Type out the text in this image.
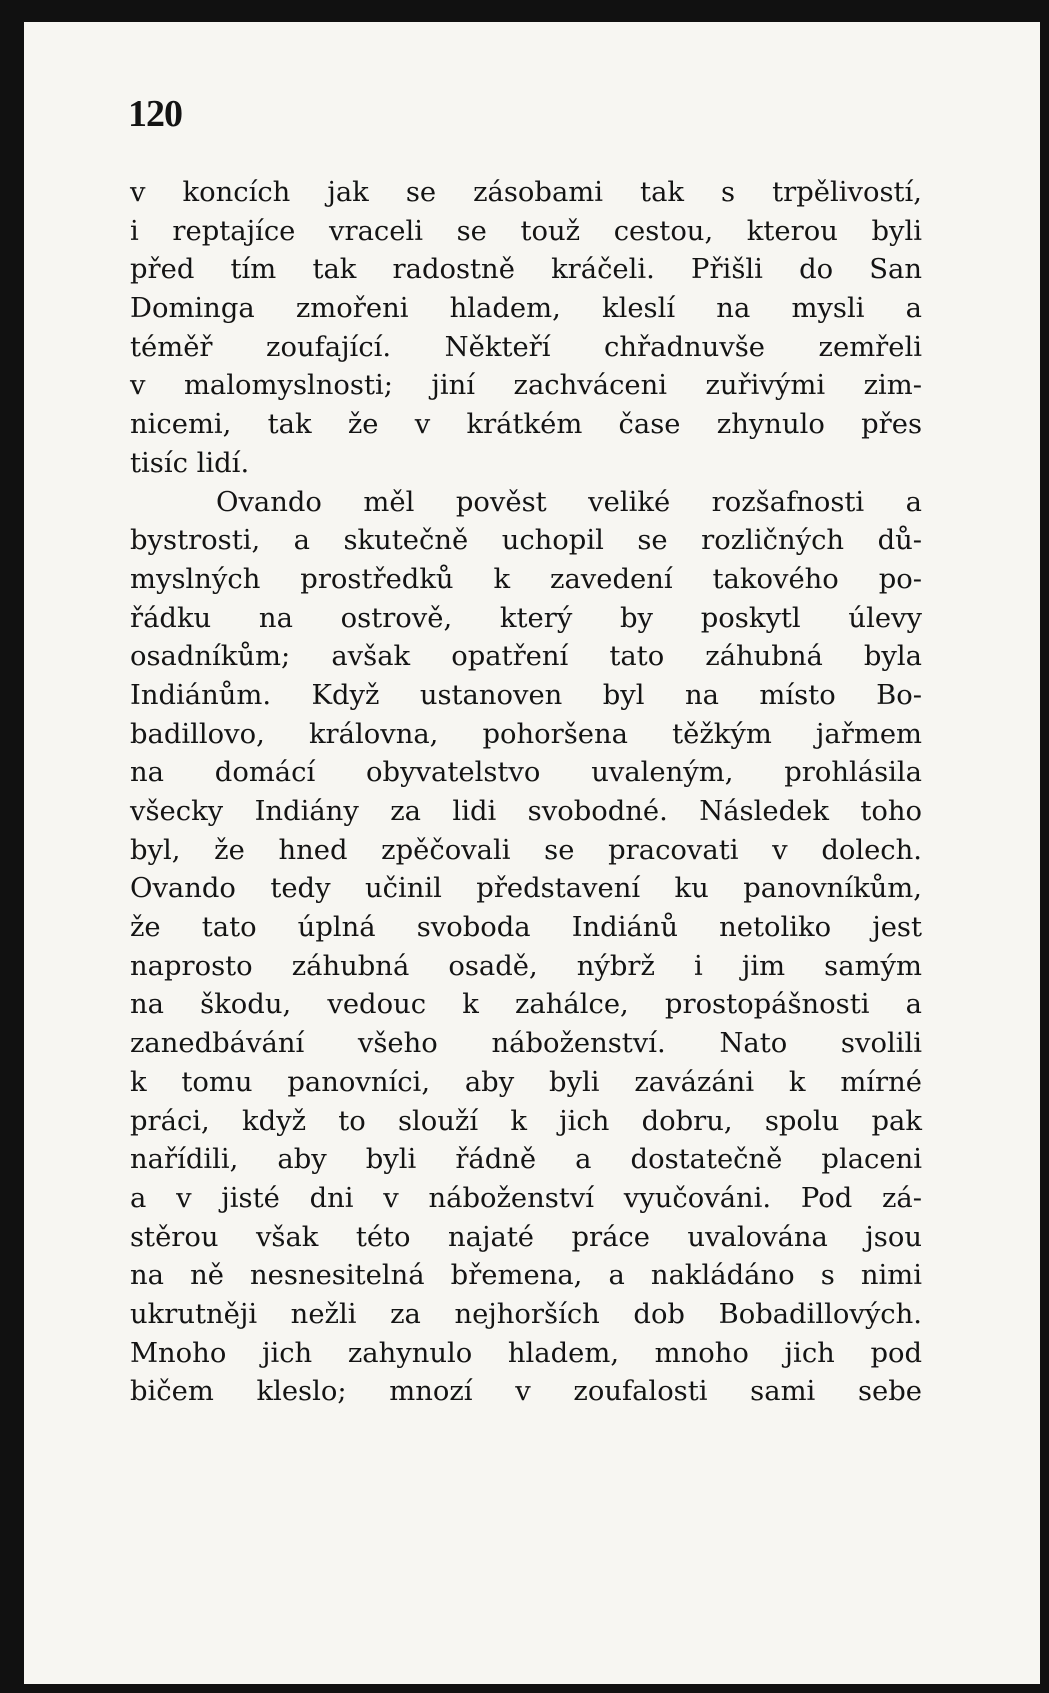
120
v koncích jak se zásobami tak s trpělivostí,
i reptajíce vraceli se touž cestou, kterou byli
před tím tak radostně kráčeli. Přišli do San
Dominga zmořeni hladem, kleslí na mysli a
téměř zoufající. Někteří chřadnuvše zemřeli
v malomyslnosti; jiní zachváceni zuřivými zim-
nicemi, tak že v krátkém čase zhynulo přes
tisíc lidí.
Ovando měl pověst veliké rozšafnosti a
bystrosti, a skutečně uchopil se rozličných dů-
myslných prostředků k zavedení takového po-
řádku na ostrově, který by poskytl úlevy
osadníkům; avšak opatření tato záhubná byla
Indiánům. Když ustanoven byl na místo Bo-
badillovo, královna, pohoršena těžkým jařmem
na domácí obyvatelstvo uvaleným, prohlásila
všecky Indiány za lidi svobodné. Následek toho
byl, že hned zpěčovali se pracovati v dolech.
Ovando tedy učinil představení ku panovníkům,
že tato úplná svoboda Indiánů netoliko jest
naprosto záhubná osadě, nýbrž i jim samým
na škodu, vedouc k zahálce, prostopášnosti a
zanedbávání všeho náboženství. Nato svolili
k tomu panovníci, aby byli zavázáni k mírné
práci, když to slouží k jich dobru, spolu pak
nařídili, aby byli řádně a dostatečně placeni
a v jisté dni v náboženství vyučováni. Pod zá-
stěrou však této najaté práce uvalována jsou
na ně nesnesitelná břemena, a nakládáno s nimi
ukrutněji nežli za nejhorších dob Bobadillových.
Mnoho jich zahynulo hladem, mnoho jich pod
bičem kleslo; mnozí v zoufalosti sami sebe
